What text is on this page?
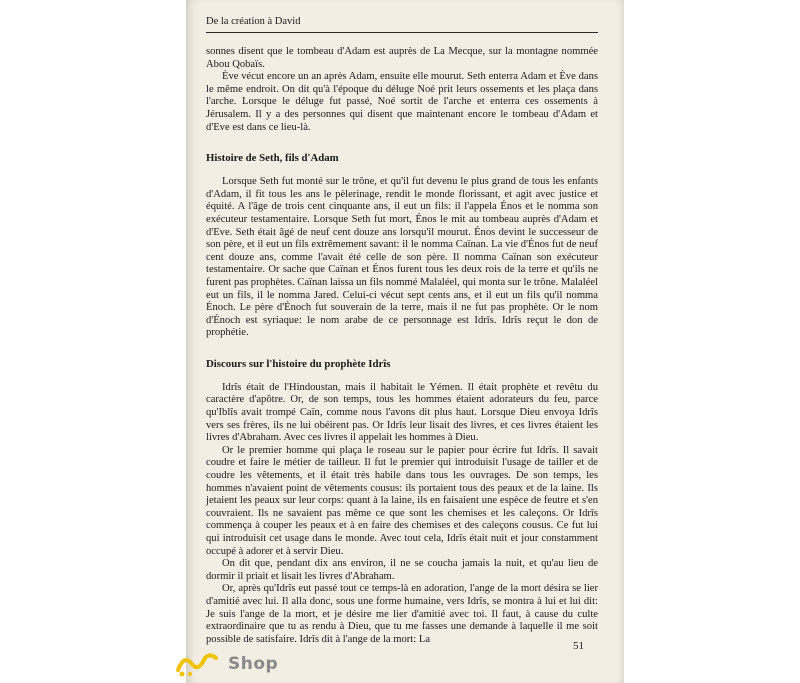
De la création à David

sonnes disent que le tombeau d'Adam est auprès de La Mecque, sur la montagne nommée Abou Qobaïs.

Ève vécut encore un an après Adam, ensuite elle mourut. Seth enterra Adam et Ève dans le même endroit. On dit qu'à l'époque du déluge Noé prit leurs ossements et les plaça dans l'arche. Lorsque le déluge fut passé, Noé sortit de l'arche et enterra ces ossements à Jérusalem. Il y a des personnes qui disent que maintenant encore le tombeau d'Adam et d'Eve est dans ce lieu-là.

Histoire de Seth, fils d'Adam

Lorsque Seth fut monté sur le trône, et qu'il fut devenu le plus grand de tous les enfants d'Adam, il fit tous les ans le pèlerinage, rendit le monde florissant, et agit avec justice et équité. A l'âge de trois cent cinquante ans, il eut un fils: il l'appela Énos et le nomma son exécuteur testamentaire. Lorsque Seth fut mort, Énos le mit au tombeau auprès d'Adam et d'Eve. Seth était âgé de neuf cent douze ans lorsqu'il mourut. Énos devint le successeur de son père, et il eut un fils extrêmement savant: il le nomma Caïnan. La vie d'Énos fut de neuf cent douze ans, comme l'avait été celle de son père. Il nomma Caïnan son exécuteur testamentaire. Or sache que Caïnan et Énos furent tous les deux rois de la terre et qu'ils ne furent pas prophètes. Caïnan laissa un fils nommé Malaléel, qui monta sur le trône. Malaléel eut un fils, il le nomma Jared. Celui-ci vécut sept cents ans, et il eut un fils qu'il nomma Énoch. Le père d'Énoch fut souverain de la terre, mais il ne fut pas prophète. Or le nom d'Énoch est syriaque: le nom arabe de ce personnage est Idrîs. Idrîs reçut le don de prophétie.

Discours sur l'histoire du prophète Idrîs

Idrîs était de l'Hindoustan, mais il habitait le Yémen. Il était prophète et revêtu du caractère d'apôtre. Or, de son temps, tous les hommes étaient adorateurs du feu, parce qu'Iblîs avait trompé Caïn, comme nous l'avons dit plus haut. Lorsque Dieu envoya Idrîs vers ses frères, ils ne lui obéirent pas. Or Idrîs leur lisait des livres, et ces livres étaient les livres d'Abraham. Avec ces livres il appelait les hommes à Dieu.

Or le premier homme qui plaça le roseau sur le papier pour écrire fut Idrîs. Il savait coudre et faire le métier de tailleur. Il fut le premier qui introduisit l'usage de tailler et de coudre les vêtements, et il était très habile dans tous les ouvrages. De son temps, les hommes n'avaient point de vêtements cousus: ils portaient tous des peaux et de la laine. Ils jetaient les peaux sur leur corps: quant à la laine, ils en faisaient une espèce de feutre et s'en couvraient. Ils ne savaient pas même ce que sont les chemises et les caleçons. Or Idrîs commença à couper les peaux et à en faire des chemises et des caleçons cousus. Ce fut lui qui introduisit cet usage dans le monde. Avec tout cela, Idrîs était nuit et jour constamment occupé à adorer et à servir Dieu.

On dit que, pendant dix ans environ, il ne se coucha jamais la nuit, et qu'au lieu de dormir il priait et lisait les livres d'Abraham.

Or, après qu'Idrîs eut passé tout ce temps-là en adoration, l'ange de la mort désira se lier d'amitié avec lui. Il alla donc, sous une forme humaine, vers Idrîs, se montra à lui et lui dit: Je suis l'ange de la mort, et je désire me lier d'amitié avec toi. Il faut, à cause du culte extraordinaire que tu as rendu à Dieu, que tu me fasses une demande à laquelle il me soit possible de satisfaire. Idrîs dit à l'ange de la mort: La

51
Shop
